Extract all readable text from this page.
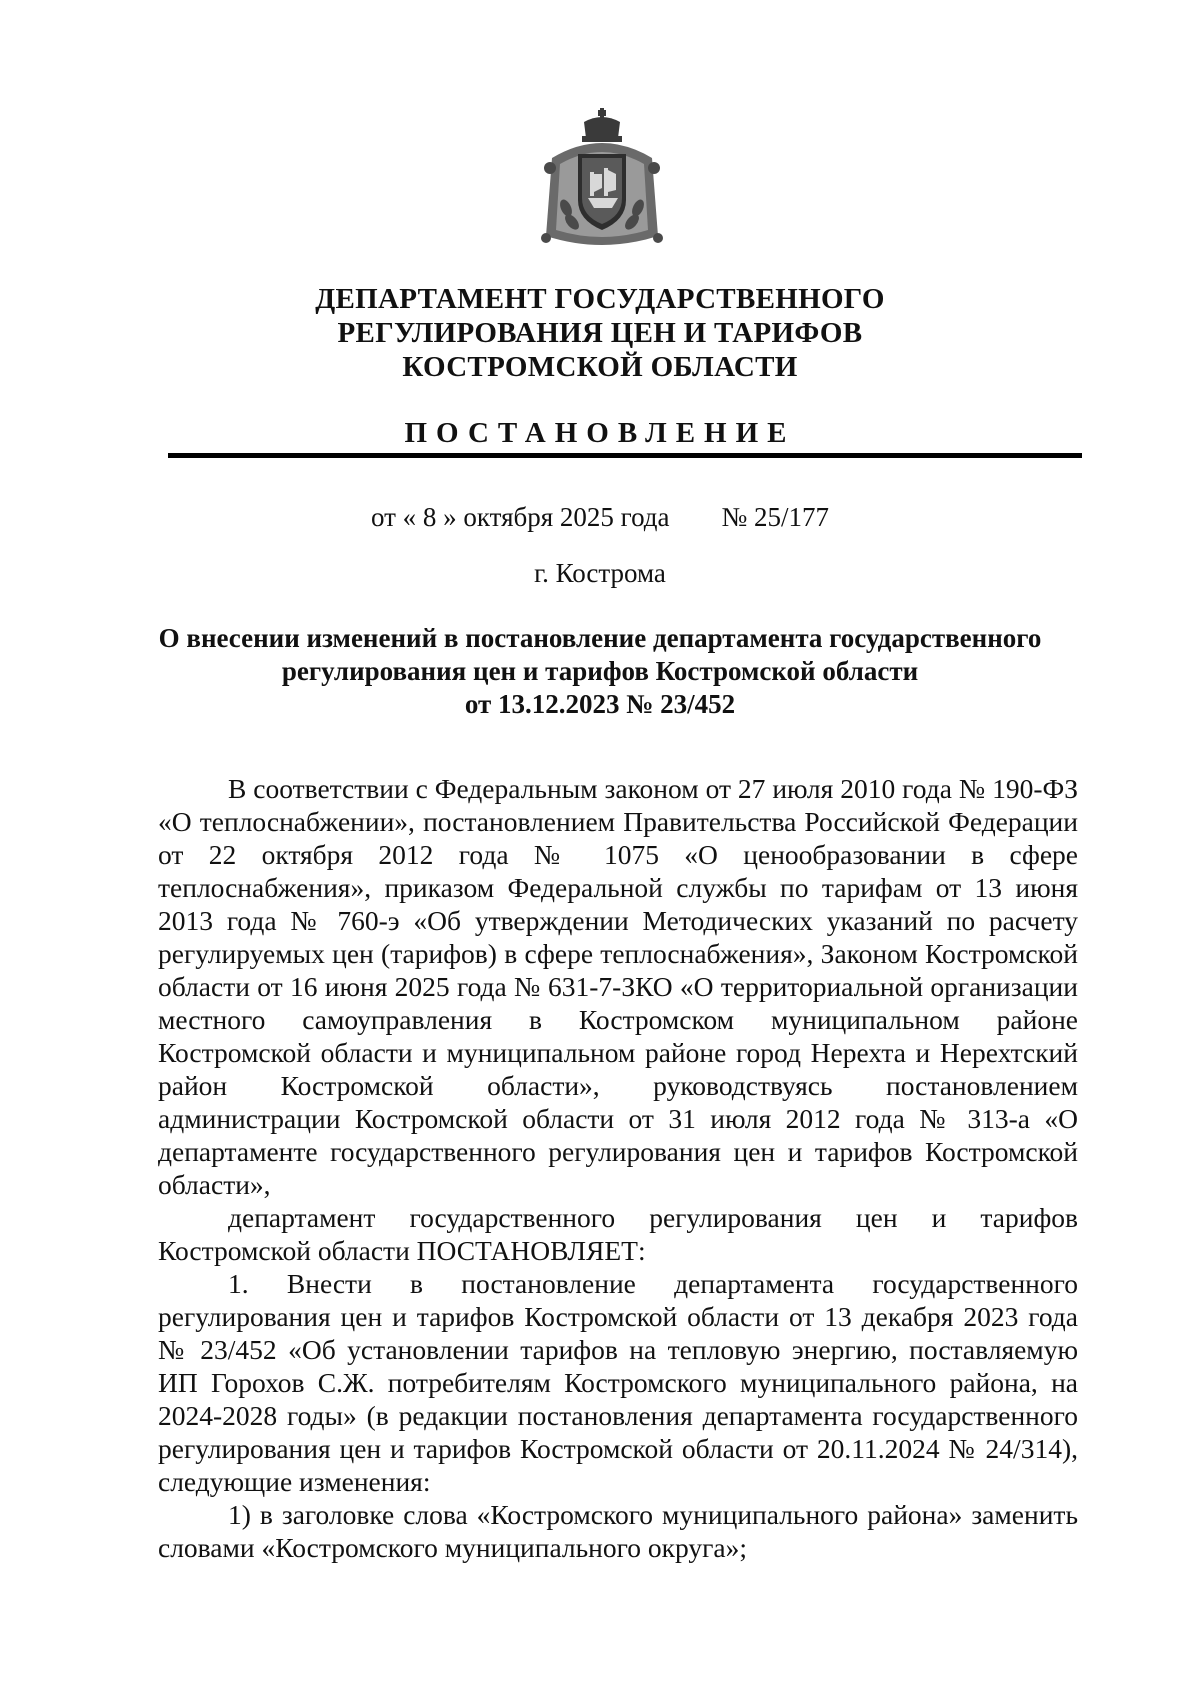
ДЕПАРТАМЕНТ ГОСУДАРСТВЕННОГО
РЕГУЛИРОВАНИЯ ЦЕН И ТАРИФОВ
КОСТРОМСКОЙ ОБЛАСТИ
ПОСТАНОВЛЕНИЕ
от « 8 » октября 2025 года № 25/177
г. Кострома
О внесении изменений в постановление департамента государственного
регулирования цен и тарифов Костромской области
от 13.12.2023 № 23/452

В соответствии с Федеральным законом от 27 июля 2010 года № 190-ФЗ «О теплоснабжении», постановлением Правительства Российской Федерации от 22 октября 2012 года № 1075 «О ценообразовании в сфере теплоснабжения», приказом Федеральной службы по тарифам от 13 июня 2013 года № 760-э «Об утверждении Методических указаний по расчету регулируемых цен (тарифов) в сфере теплоснабжения», Законом Костромской области от 16 июня 2025 года № 631-7-ЗКО «О территориальной организации местного самоуправления в Костромском муниципальном районе Костромской области и муниципальном районе город Нерехта и Нерехтский район Костромской области», руководствуясь постановлением администрации Костромской области от 31 июля 2012 года № 313-а «О департаменте государственного регулирования цен и тарифов Костромской области»,

департамент государственного регулирования цен и тарифов Костромской области ПОСТАНОВЛЯЕТ:

1. Внести в постановление департамента государственного регулирования цен и тарифов Костромской области от 13 декабря 2023 года № 23/452 «Об установлении тарифов на тепловую энергию, поставляемую ИП Горохов С.Ж. потребителям Костромского муниципального района, на 2024-2028 годы» (в редакции постановления департамента государственного регулирования цен и тарифов Костромской области от 20.11.2024 № 24/314), следующие изменения:

1) в заголовке слова «Костромского муниципального района» заменить словами «Костромского муниципального округа»;
